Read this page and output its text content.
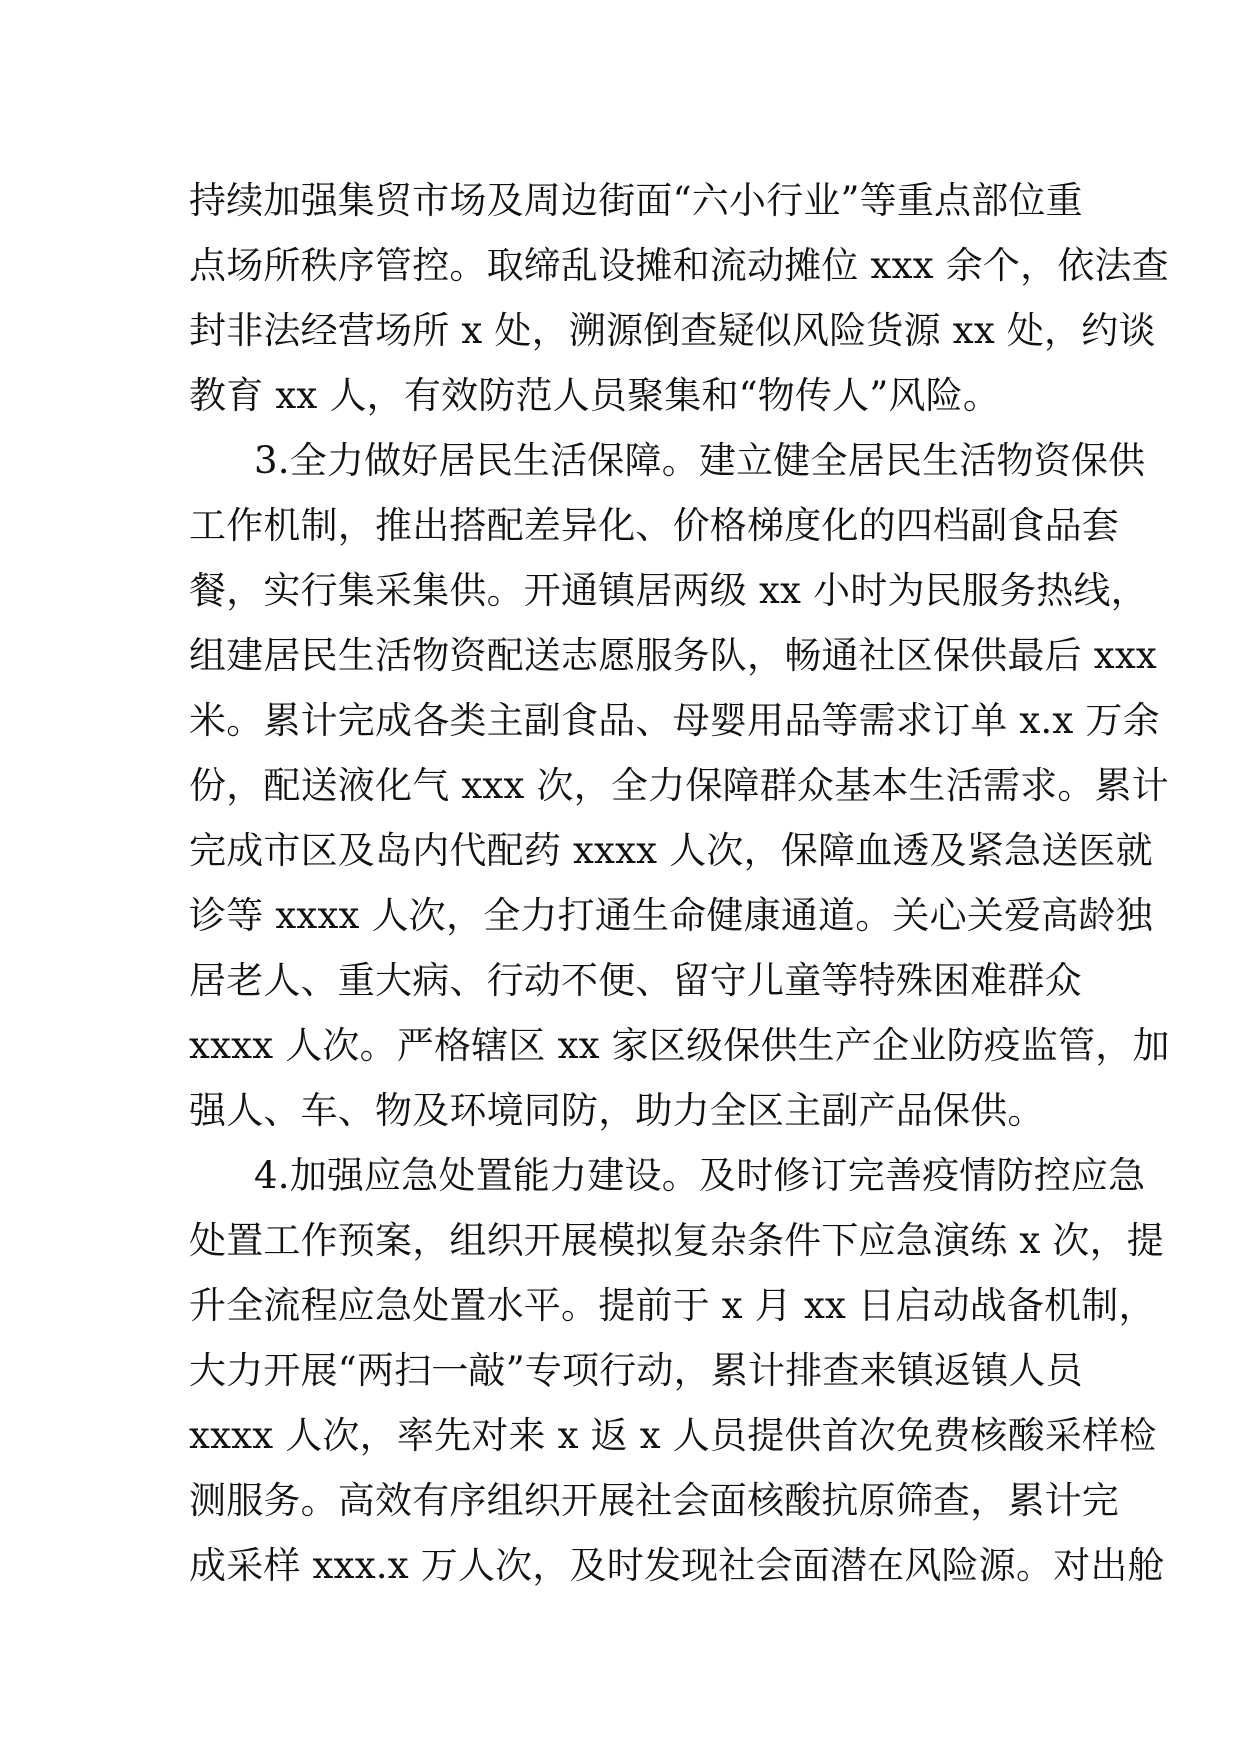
持续加强集贸市场及周边街面“六小行业”等重点部位重
点场所秩序管控。取缔乱设摊和流动摊位 xxx 余个，依法查
封非法经营场所 x 处，溯源倒查疑似风险货源 xx 处，约谈
教育 xx 人，有效防范人员聚集和“物传人”风险。
3.全力做好居民生活保障。建立健全居民生活物资保供
工作机制，推出搭配差异化、价格梯度化的四档副食品套
餐，实行集采集供。开通镇居两级 xx 小时为民服务热线，
组建居民生活物资配送志愿服务队，畅通社区保供最后 xxx
米。累计完成各类主副食品、母婴用品等需求订单 x.x 万余
份，配送液化气 xxx 次，全力保障群众基本生活需求。累计
完成市区及岛内代配药 xxxx 人次，保障血透及紧急送医就
诊等 xxxx 人次，全力打通生命健康通道。关心关爱高龄独
居老人、重大病、行动不便、留守儿童等特殊困难群众
xxxx 人次。严格辖区 xx 家区级保供生产企业防疫监管，加
强人、车、物及环境同防，助力全区主副产品保供。
4.加强应急处置能力建设。及时修订完善疫情防控应急
处置工作预案，组织开展模拟复杂条件下应急演练 x 次，提
升全流程应急处置水平。提前于 x 月 xx 日启动战备机制，
大力开展“两扫一敲”专项行动，累计排查来镇返镇人员
xxxx 人次，率先对来 x 返 x 人员提供首次免费核酸采样检
测服务。高效有序组织开展社会面核酸抗原筛查，累计完
成采样 xxx.x 万人次，及时发现社会面潜在风险源。对出舱
